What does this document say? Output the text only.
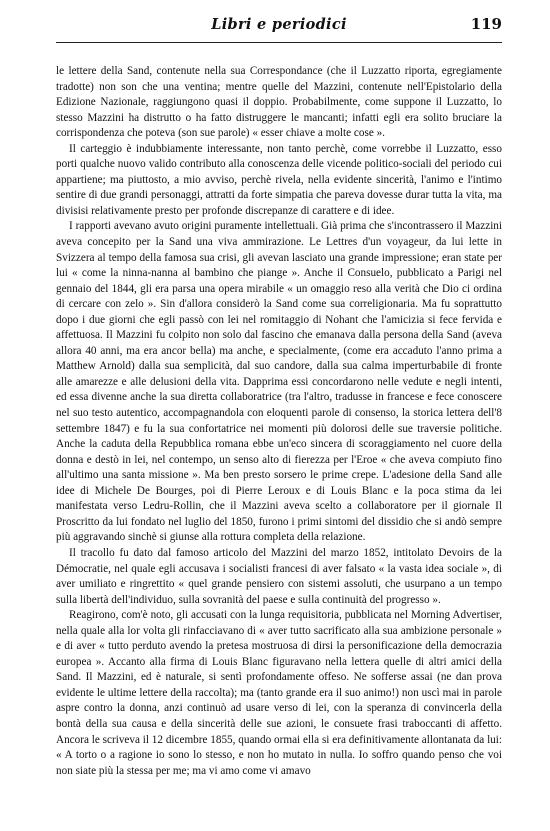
Libri e periodici	119

le lettere della Sand, contenute nella sua Correspondance (che il Luzzatto riporta, egregiamente tradotte) non son che una ventina; mentre quelle del Mazzini, contenute nell'Epistolario della Edizione Nazionale, raggiungono quasi il doppio. Probabilmente, come suppone il Luzzatto, lo stesso Mazzini ha distrutto o ha fatto distruggere le mancanti; infatti egli era solito bruciare la corrispondenza che poteva (son sue parole) « esser chiave a molte cose ».

Il carteggio è indubbiamente interessante, non tanto perchè, come vorrebbe il Luzzatto, esso porti qualche nuovo valido contributo alla conoscenza delle vicende politico-sociali del periodo cui appartiene; ma piuttosto, a mio avviso, perchè rivela, nella evidente sincerità, l'animo e l'intimo sentire di due grandi personaggi, attratti da forte simpatia che pareva dovesse durar tutta la vita, ma divisisi relativamente presto per profonde discrepanze di carattere e di idee.

I rapporti avevano avuto origini puramente intellettuali. Già prima che s'incontrassero il Mazzini aveva concepito per la Sand una viva ammirazione. Le Lettres d'un voyageur, da lui lette in Svizzera al tempo della famosa sua crisi, gli avevan lasciato una grande impressione; eran state per lui « come la ninna-nanna al bambino che piange ». Anche il Consuelo, pubblicato a Parigi nel gennaio del 1844, gli era parsa una opera mirabile « un omaggio reso alla verità che Dio ci ordina di cercare con zelo ». Sin d'allora considerò la Sand come sua correligionaria. Ma fu soprattutto dopo i due giorni che egli passò con lei nel romitaggio di Nohant che l'amicizia si fece fervida e affettuosa. Il Mazzini fu colpito non solo dal fascino che emanava dalla persona della Sand (aveva allora 40 anni, ma era ancor bella) ma anche, e specialmente, (come era accaduto l'anno prima a Matthew Arnold) dalla sua semplicità, dal suo candore, dalla sua calma imperturbabile di fronte alle amarezze e alle delusioni della vita. Dapprima essi concordarono nelle vedute e negli intenti, ed essa divenne anche la sua diretta collaboratrice (tra l'altro, tradusse in francese e fece conoscere nel suo testo autentico, accompagnandola con eloquenti parole di consenso, la storica lettera dell'8 settembre 1847) e fu la sua confortatrice nei momenti più dolorosi delle sue traversie politiche. Anche la caduta della Repubblica romana ebbe un'eco sincera di scoraggiamento nel cuore della donna e destò in lei, nel contempo, un senso alto di fierezza per l'Eroe « che aveva compiuto fino all'ultimo una santa missione ». Ma ben presto sorsero le prime crepe. L'adesione della Sand alle idee di Michele De Bourges, poi di Pierre Leroux e di Louis Blanc e la poca stima da lei manifestata verso Ledru-Rollin, che il Mazzini aveva scelto a collaboratore per il giornale Il Proscritto da lui fondato nel luglio del 1850, furono i primi sintomi del dissidio che si andò sempre più aggravando sinchè si giunse alla rottura completa della relazione.

Il tracollo fu dato dal famoso articolo del Mazzini del marzo 1852, intitolato Devoirs de la Démocratie, nel quale egli accusava i socialisti francesi di aver falsato « la vasta idea sociale », di aver umiliato e ringrettito « quel grande pensiero con sistemi assoluti, che usurpano a un tempo sulla libertà dell'individuo, sulla sovranità del paese e sulla continuità del progresso ».

Reagirono, com'è noto, gli accusati con la lunga requisitoria, pubblicata nel Morning Advertiser, nella quale alla lor volta gli rinfacciavano di « aver tutto sacrificato alla sua ambizione personale » e di aver « tutto perduto avendo la pretesa mostruosa di dirsi la personificazione della democrazia europea ». Accanto alla firma di Louis Blanc figuravano nella lettera quelle di altri amici della Sand. Il Mazzini, ed è naturale, si sentì profondamente offeso. Ne sofferse assai (ne dan prova evidente le ultime lettere della raccolta); ma (tanto grande era il suo animo!) non uscì mai in parole aspre contro la donna, anzi continuò ad usare verso di lei, con la speranza di convincerla della bontà della sua causa e della sincerità delle sue azioni, le consuete frasi traboccanti di affetto. Ancora le scriveva il 12 dicembre 1855, quando ormai ella si era definitivamente allontanata da lui: « A torto o a ragione io sono lo stesso, e non ho mutato in nulla. Io soffro quando penso che voi non siate più la stessa per me; ma vi amo come vi amavo
